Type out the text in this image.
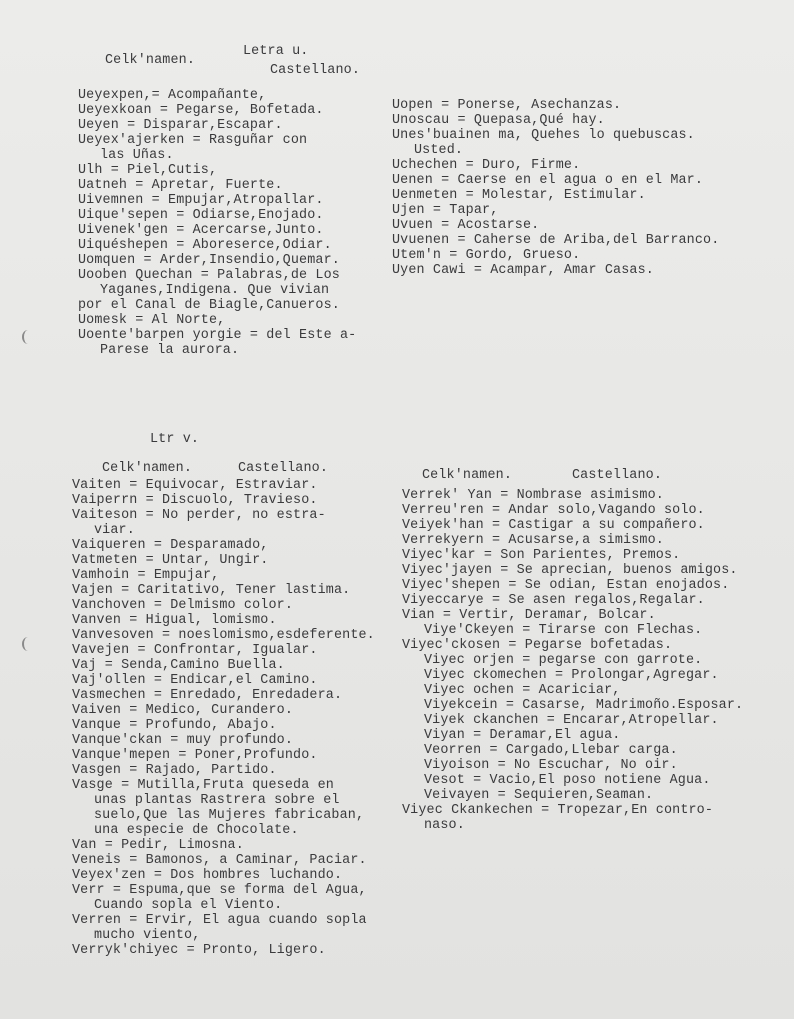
Celk'namen.
Letra u.
Castellano.
Ueyexpen,= Acompañante,
Ueyexkoan = Pegarse, Bofetada.
Ueyen = Disparar,Escapar.
Ueyex'ajerken = Rasguñar con
las Uñas.
Ulh = Piel,Cutis,
Uatneh = Apretar, Fuerte.
Uivemnen = Empujar,Atropallar.
Uique'sepen = Odiarse,Enojado.
Uivenek'gen = Acercarse,Junto.
Uiquéshepen = Aboreserce,Odiar.
Uomquen = Arder,Insendio,Quemar.
Uooben Quechan = Palabras,de Los
Yaganes,Indigena. Que vivian
por el Canal de Biagle,Canueros.
Uomesk = Al Norte,
Uoente'barpen yorgie = del Este a-
Parese la aurora.
Uopen = Ponerse, Asechanzas.
Unoscau = Quepasa,Qué hay.
Unes'buainen ma, Quehes lo quebuscas.
Usted.
Uchechen = Duro, Firme.
Uenen = Caerse en el agua o en el Mar.
Uenmeten = Molestar, Estimular.
Ujen = Tapar,
Uvuen = Acostarse.
Uvuenen = Caherse de Ariba,del Barranco.
Utem'n = Gordo, Grueso.
Uyen Cawi = Acampar, Amar Casas.
Ltr v.
Celk'namen.	Castellano.	Celk'namen.	Castellano.
Vaiten = Equivocar, Estraviar.
Vaiperrn = Discuolo, Travieso.
Vaiteson = No perder, no estra-
viar.
Vaiqueren = Desparamado,
Vatmeten = Untar, Ungir.
Vamhoin = Empujar,
Vajen = Caritativo, Tener lastima.
Vanchoven = Delmismo color.
Vanven = Higual, lomismo.
Vanvesoven = noeslomismo,esdeferente.
Vavejen = Confrontar, Igualar.
Vaj = Senda,Camino Buella.
Vaj'ollen = Endicar,el Camino.
Vasmechen = Enredado, Enredadera.
Vaiven = Medico, Curandero.
Vanque = Profundo, Abajo.
Vanque'ckan = muy profundo.
Vanque'mepen = Poner,Profundo.
Vasgen = Rajado, Partido.
Vasge = Mutilla,Fruta queseda en
unas plantas Rastrera sobre el
suelo,Que las Mujeres fabricaban,
una especie de Chocolate.
Van = Pedir, Limosna.
Veneis = Bamonos, a Caminar, Paciar.
Veyex'zen = Dos hombres luchando.
Verr = Espuma,que se forma del Agua,
Cuando sopla el Viento.
Verren = Ervir, El agua cuando sopla
mucho viento,
Verryk'chiyec = Pronto, Ligero.
Verrek' Yan = Nombrase asimismo.
Verreu'ren = Andar solo,Vagando solo.
Veiyek'han = Castigar a su compañero.
Verrekyern = Acusarse,a simismo.
Viyec'kar = Son Parientes, Premos.
Viyec'jayen = Se aprecian, buenos amigos.
Viyec'shepen = Se odian, Estan enojados.
Viyeccarye = Se asen regalos,Regalar.
Vian = Vertir, Deramar, Bolcar.
Viye'Ckeyen = Tirarse con Flechas.
Viyec'ckosen = Pegarse bofetadas.
Viyec orjen = pegarse con garrote.
Viyec ckomechen = Prolongar,Agregar.
Viyec ochen = Acariciar,
Viyekcein = Casarse, Madrimoño.Esposar.
Viyek ckanchen = Encarar,Atropellar.
Viyan = Deramar,El agua.
Veorren = Cargado,Llebar carga.
Viyoison = No Escuchar, No oir.
Vesot = Vacio,El poso notiene Agua.
Veivayen = Sequieren,Seaman.
Viyec Ckankechen = Tropezar,En contro-
naso.
